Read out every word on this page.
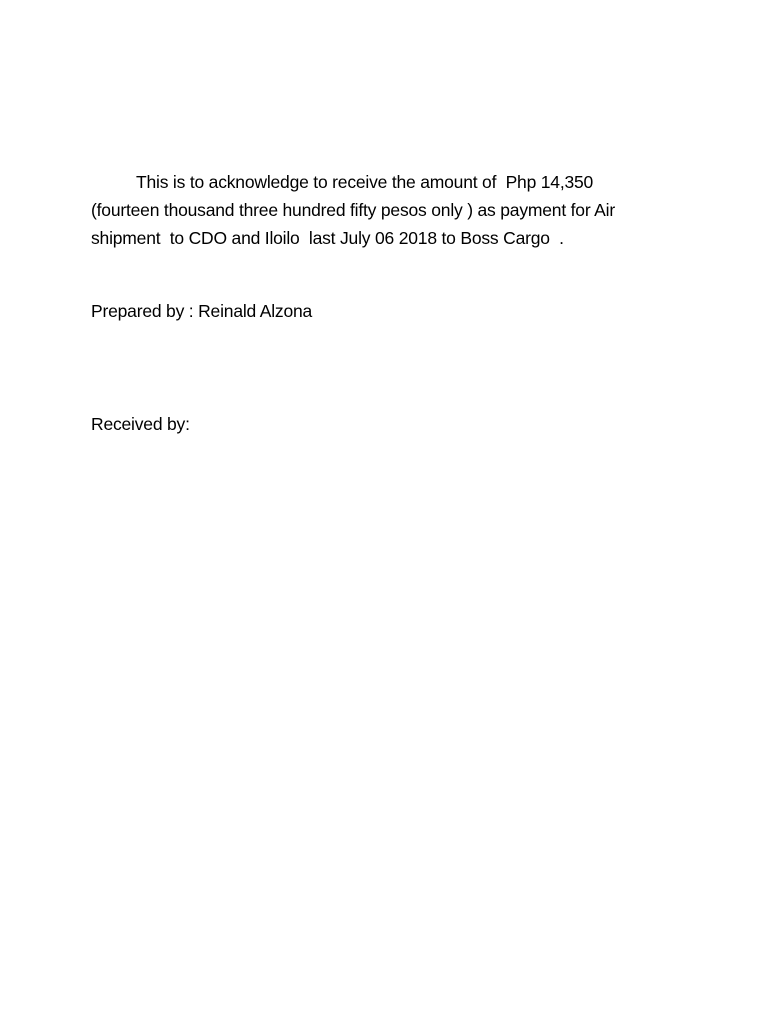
This is to acknowledge to receive the amount of  Php 14,350
(fourteen thousand three hundred fifty pesos only ) as payment for Air
shipment  to CDO and Iloilo  last July 06 2018 to Boss Cargo  .
Prepared by : Reinald Alzona
Received by:
